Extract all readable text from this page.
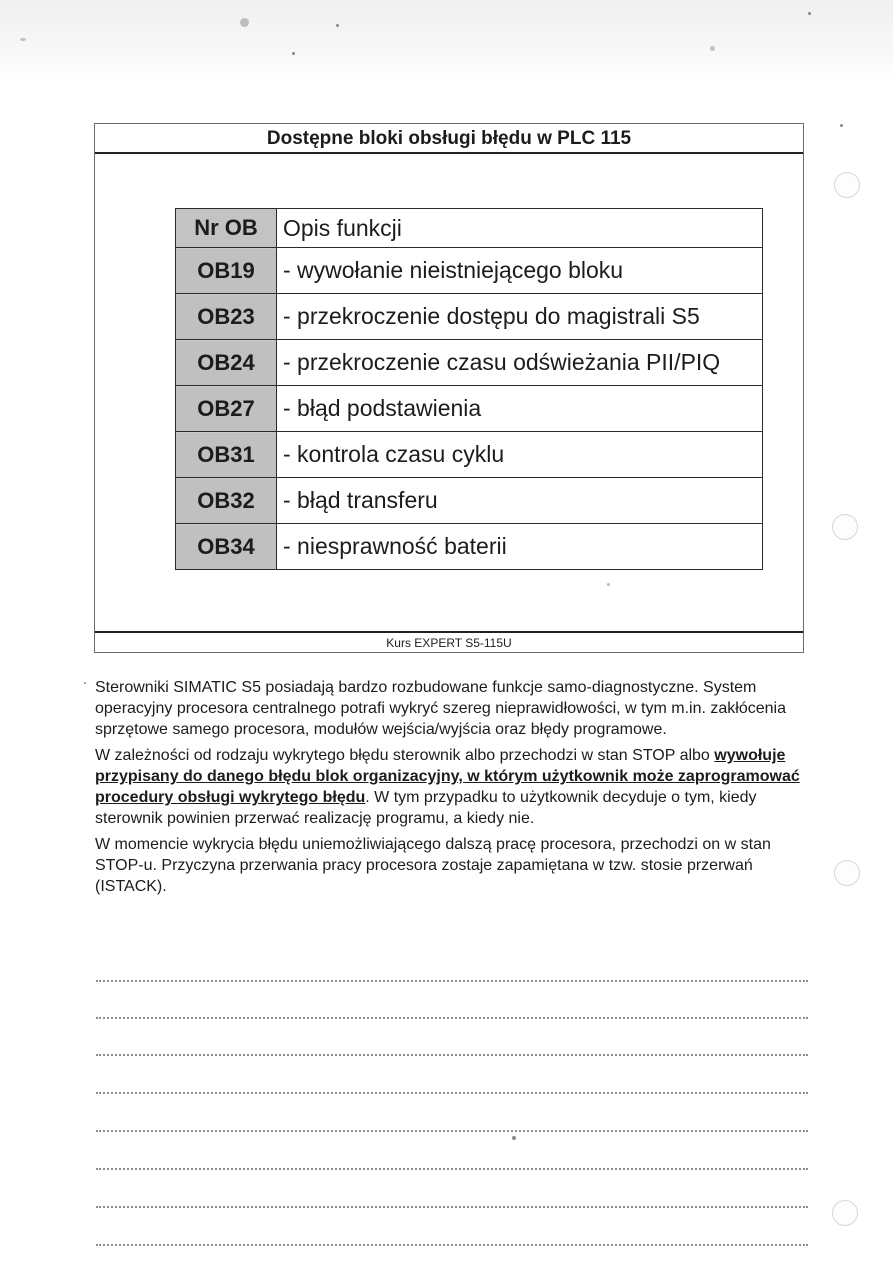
Dostępne bloki obsługi błędu w PLC 115
Nr OB	Opis funkcji
OB19	- wywołanie nieistniejącego bloku
OB23	- przekroczenie dostępu do magistrali S5
OB24	- przekroczenie czasu odświeżania PII/PIQ
OB27	- błąd podstawienia
OB31	- kontrola czasu cyklu
OB32	- błąd transferu
OB34	- niesprawność baterii
Kurs EXPERT S5-115U

Sterowniki SIMATIC S5 posiadają bardzo rozbudowane funkcje samo-diagnostyczne. System operacyjny procesora centralnego potrafi wykryć szereg nieprawidłowości, w tym m.in. zakłócenia sprzętowe samego procesora, modułów wejścia/wyjścia oraz błędy programowe.

W zależności od rodzaju wykrytego błędu sterownik albo przechodzi w stan STOP albo wywołuje przypisany do danego błędu blok organizacyjny, w którym użytkownik może zaprogramować procedury obsługi wykrytego błędu. W tym przypadku to użytkownik decyduje o tym, kiedy sterownik powinien przerwać realizację programu, a kiedy nie.

W momencie wykrycia błędu uniemożliwiającego dalszą pracę procesora, przechodzi on w stan STOP-u. Przyczyna przerwania pracy procesora zostaje zapamiętana w tzw. stosie przerwań (ISTACK).
